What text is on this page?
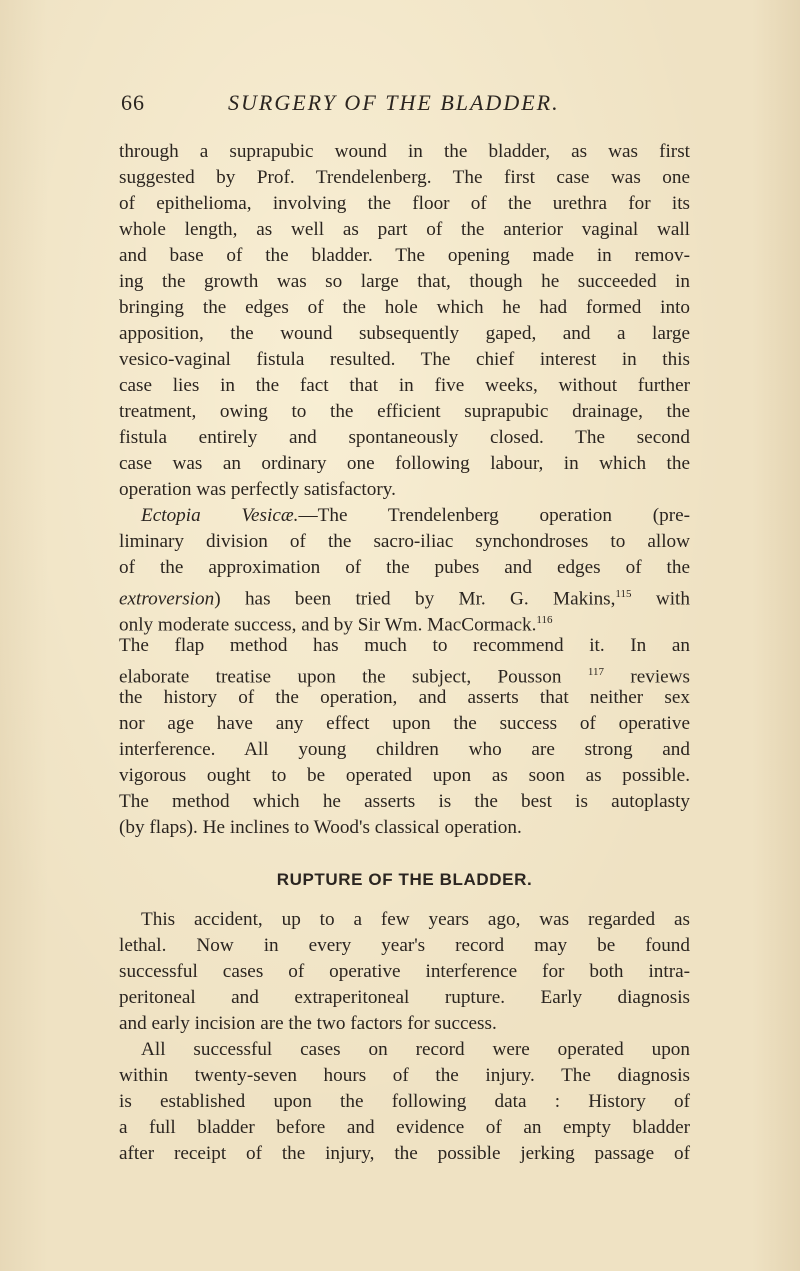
66	SURGERY OF THE BLADDER.
through a suprapubic wound in the bladder, as was first
suggested by Prof. Trendelenberg. The first case was one
of epithelioma, involving the floor of the urethra for its
whole length, as well as part of the anterior vaginal wall
and base of the bladder. The opening made in remov-
ing the growth was so large that, though he succeeded in
bringing the edges of the hole which he had formed into
apposition, the wound subsequently gaped, and a large
vesico-vaginal fistula resulted. The chief interest in this
case lies in the fact that in five weeks, without further
treatment, owing to the efficient suprapubic drainage, the
fistula entirely and spontaneously closed. The second
case was an ordinary one following labour, in which the
operation was perfectly satisfactory.
Ectopia Vesicæ.—The Trendelenberg operation (pre-
liminary division of the sacro-iliac synchondroses to allow
of the approximation of the pubes and edges of the
extroversion) has been tried by Mr. G. Makins,$^{115}$ with
only moderate success, and by Sir Wm. MacCormack.$^{116}$
The flap method has much to recommend it. In an
elaborate treatise upon the subject, Pousson $^{117}$ reviews
the history of the operation, and asserts that neither sex
nor age have any effect upon the success of operative
interference. All young children who are strong and
vigorous ought to be operated upon as soon as possible.
The method which he asserts is the best is autoplasty
(by flaps). He inclines to Wood's classical operation.
RUPTURE OF THE BLADDER.
This accident, up to a few years ago, was regarded as
lethal. Now in every year's record may be found
successful cases of operative interference for both intra-
peritoneal and extraperitoneal rupture. Early diagnosis
and early incision are the two factors for success.
All successful cases on record were operated upon
within twenty-seven hours of the injury. The diagnosis
is established upon the following data : History of
a full bladder before and evidence of an empty bladder
after receipt of the injury, the possible jerking passage of
